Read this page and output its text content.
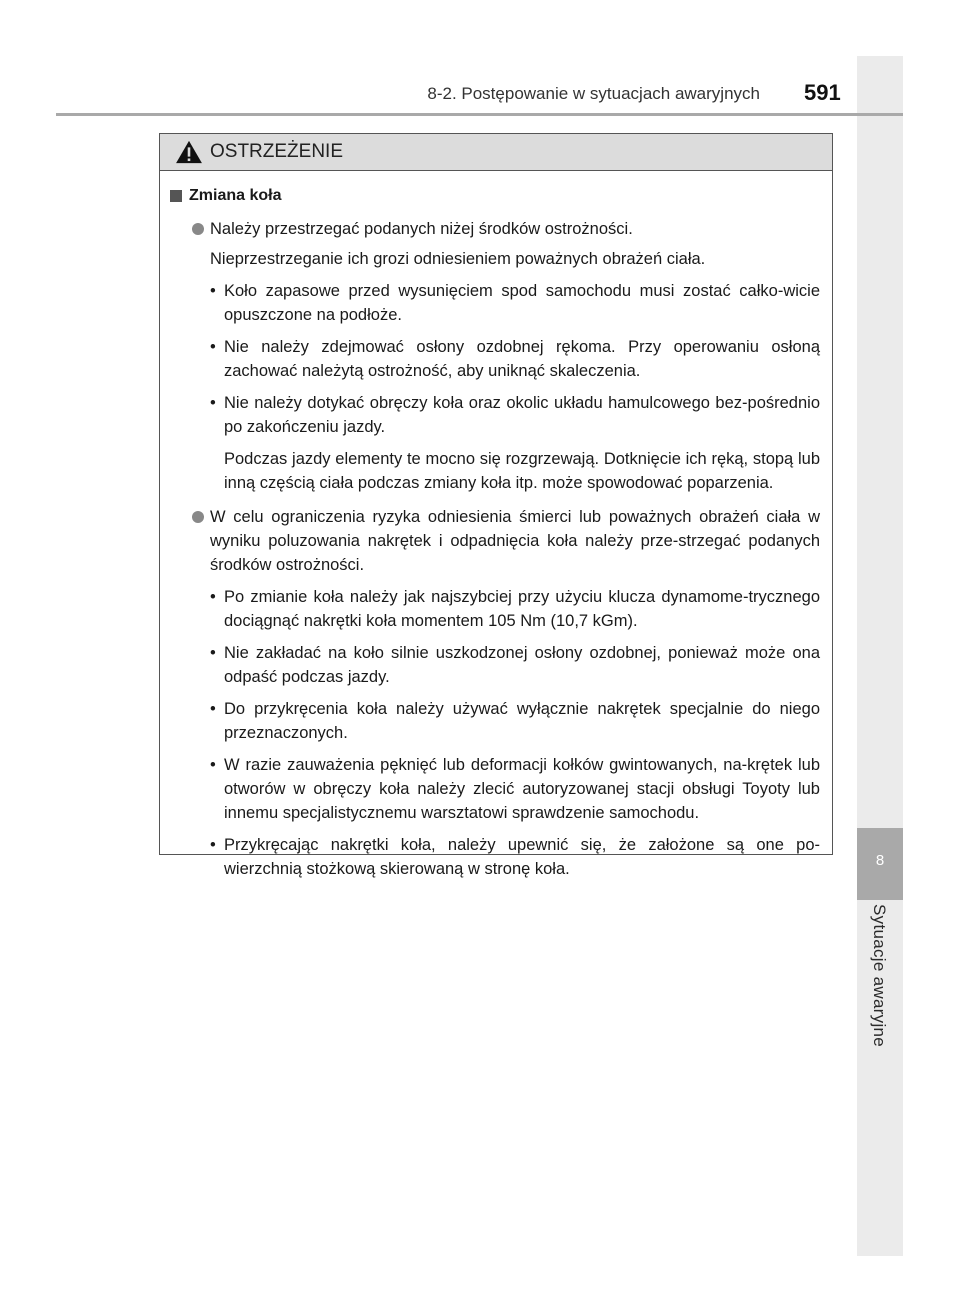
8
Sytuacje awaryjne
8-2. Postępowanie w sytuacjach awaryjnych 591
OSTRZEŻENIE
Zmiana koła

Należy przestrzegać podanych niżej środków ostrożności.

Nieprzestrzeganie ich grozi odniesieniem poważnych obrażeń ciała.

• Koło zapasowe przed wysunięciem spod samochodu musi zostać całko-wicie opuszczone na podłoże.

• Nie należy zdejmować osłony ozdobnej rękoma. Przy operowaniu osłoną zachować należytą ostrożność, aby uniknąć skaleczenia.

• Nie należy dotykać obręczy koła oraz okolic układu hamulcowego bez-pośrednio po zakończeniu jazdy.

Podczas jazdy elementy te mocno się rozgrzewają. Dotknięcie ich ręką, stopą lub inną częścią ciała podczas zmiany koła itp. może spowodować poparzenia.

W celu ograniczenia ryzyka odniesienia śmierci lub poważnych obrażeń ciała w wyniku poluzowania nakrętek i odpadnięcia koła należy prze-strzegać podanych środków ostrożności.

• Po zmianie koła należy jak najszybciej przy użyciu klucza dynamome-trycznego dociągnąć nakrętki koła momentem 105 Nm (10,7 kGm).

• Nie zakładać na koło silnie uszkodzonej osłony ozdobnej, ponieważ może ona odpaść podczas jazdy.

• Do przykręcenia koła należy używać wyłącznie nakrętek specjalnie do niego przeznaczonych.

• W razie zauważenia pęknięć lub deformacji kołków gwintowanych, na-krętek lub otworów w obręczy koła należy zlecić autoryzowanej stacji obsługi Toyoty lub innemu specjalistycznemu warsztatowi sprawdzenie samochodu.

• Przykręcając nakrętki koła, należy upewnić się, że założone są one po-wierzchnią stożkową skierowaną w stronę koła.
